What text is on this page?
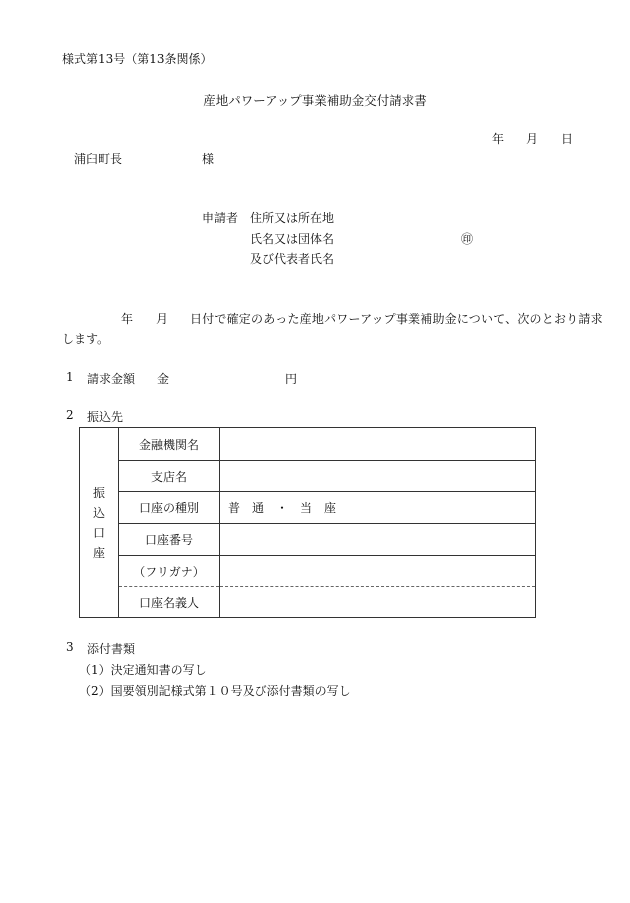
様式第13号（第13条関係）
産地パワーアップ事業補助金交付請求書
年 月 日
浦臼町長	様
申請者 住所又は所在地
氏名又は団体名	㊞
及び代表者氏名
年 月 日付で確定のあった産地パワーアップ事業補助金について、次のとおり請求
します。
1 請求金額 金	円
2 振込先
振
込
口
座	金融機関名	
	支店名	
	口座の種別	普　通　・　当　座
	口座番号	
	（フリガナ）	
	口座名義人	
3 添付書類
（1）決定通知書の写し
（2）国要領別記様式第１０号及び添付書類の写し
